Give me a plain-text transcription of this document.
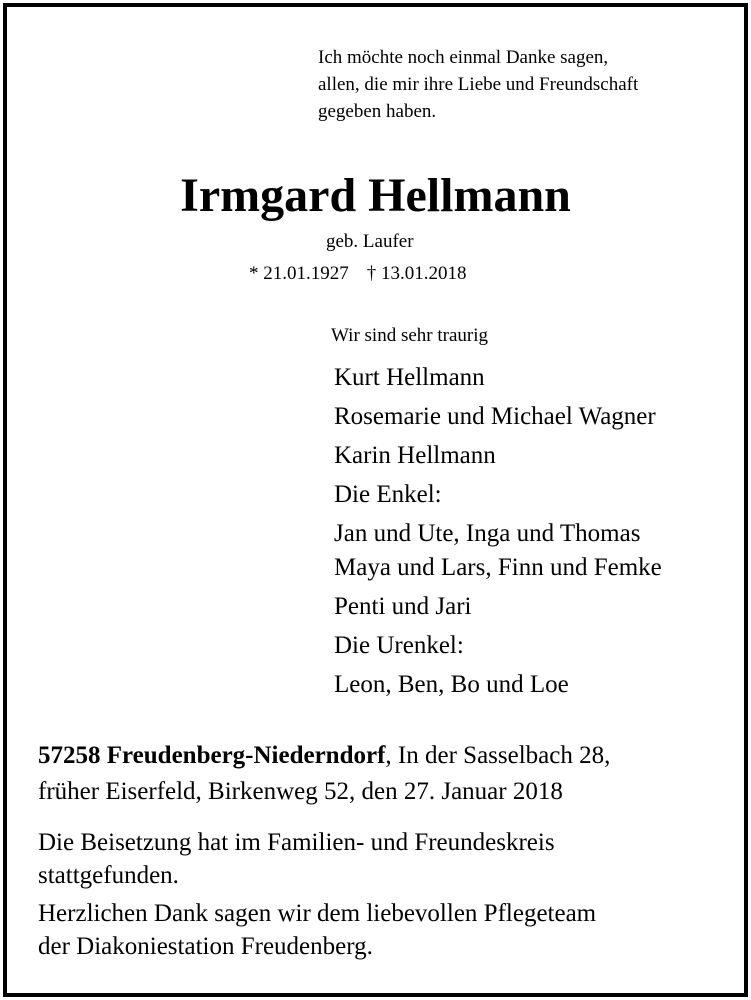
Ich möchte noch einmal Danke sagen,
allen, die mir ihre Liebe und Freundschaft
gegeben haben.
Irmgard Hellmann
geb. Laufer
* 21.01.1927 † 13.01.2018
Wir sind sehr traurig
Kurt Hellmann
Rosemarie und Michael Wagner
Karin Hellmann
Die Enkel:
Jan und Ute, Inga und Thomas
Maya und Lars, Finn und Femke
Penti und Jari
Die Urenkel:
Leon, Ben, Bo und Loe
57258 Freudenberg-Niederndorf, In der Sasselbach 28,
früher Eiserfeld, Birkenweg 52, den 27. Januar 2018
Die Beisetzung hat im Familien- und Freundeskreis
stattgefunden.
Herzlichen Dank sagen wir dem liebevollen Pflegeteam
der Diakoniestation Freudenberg.
